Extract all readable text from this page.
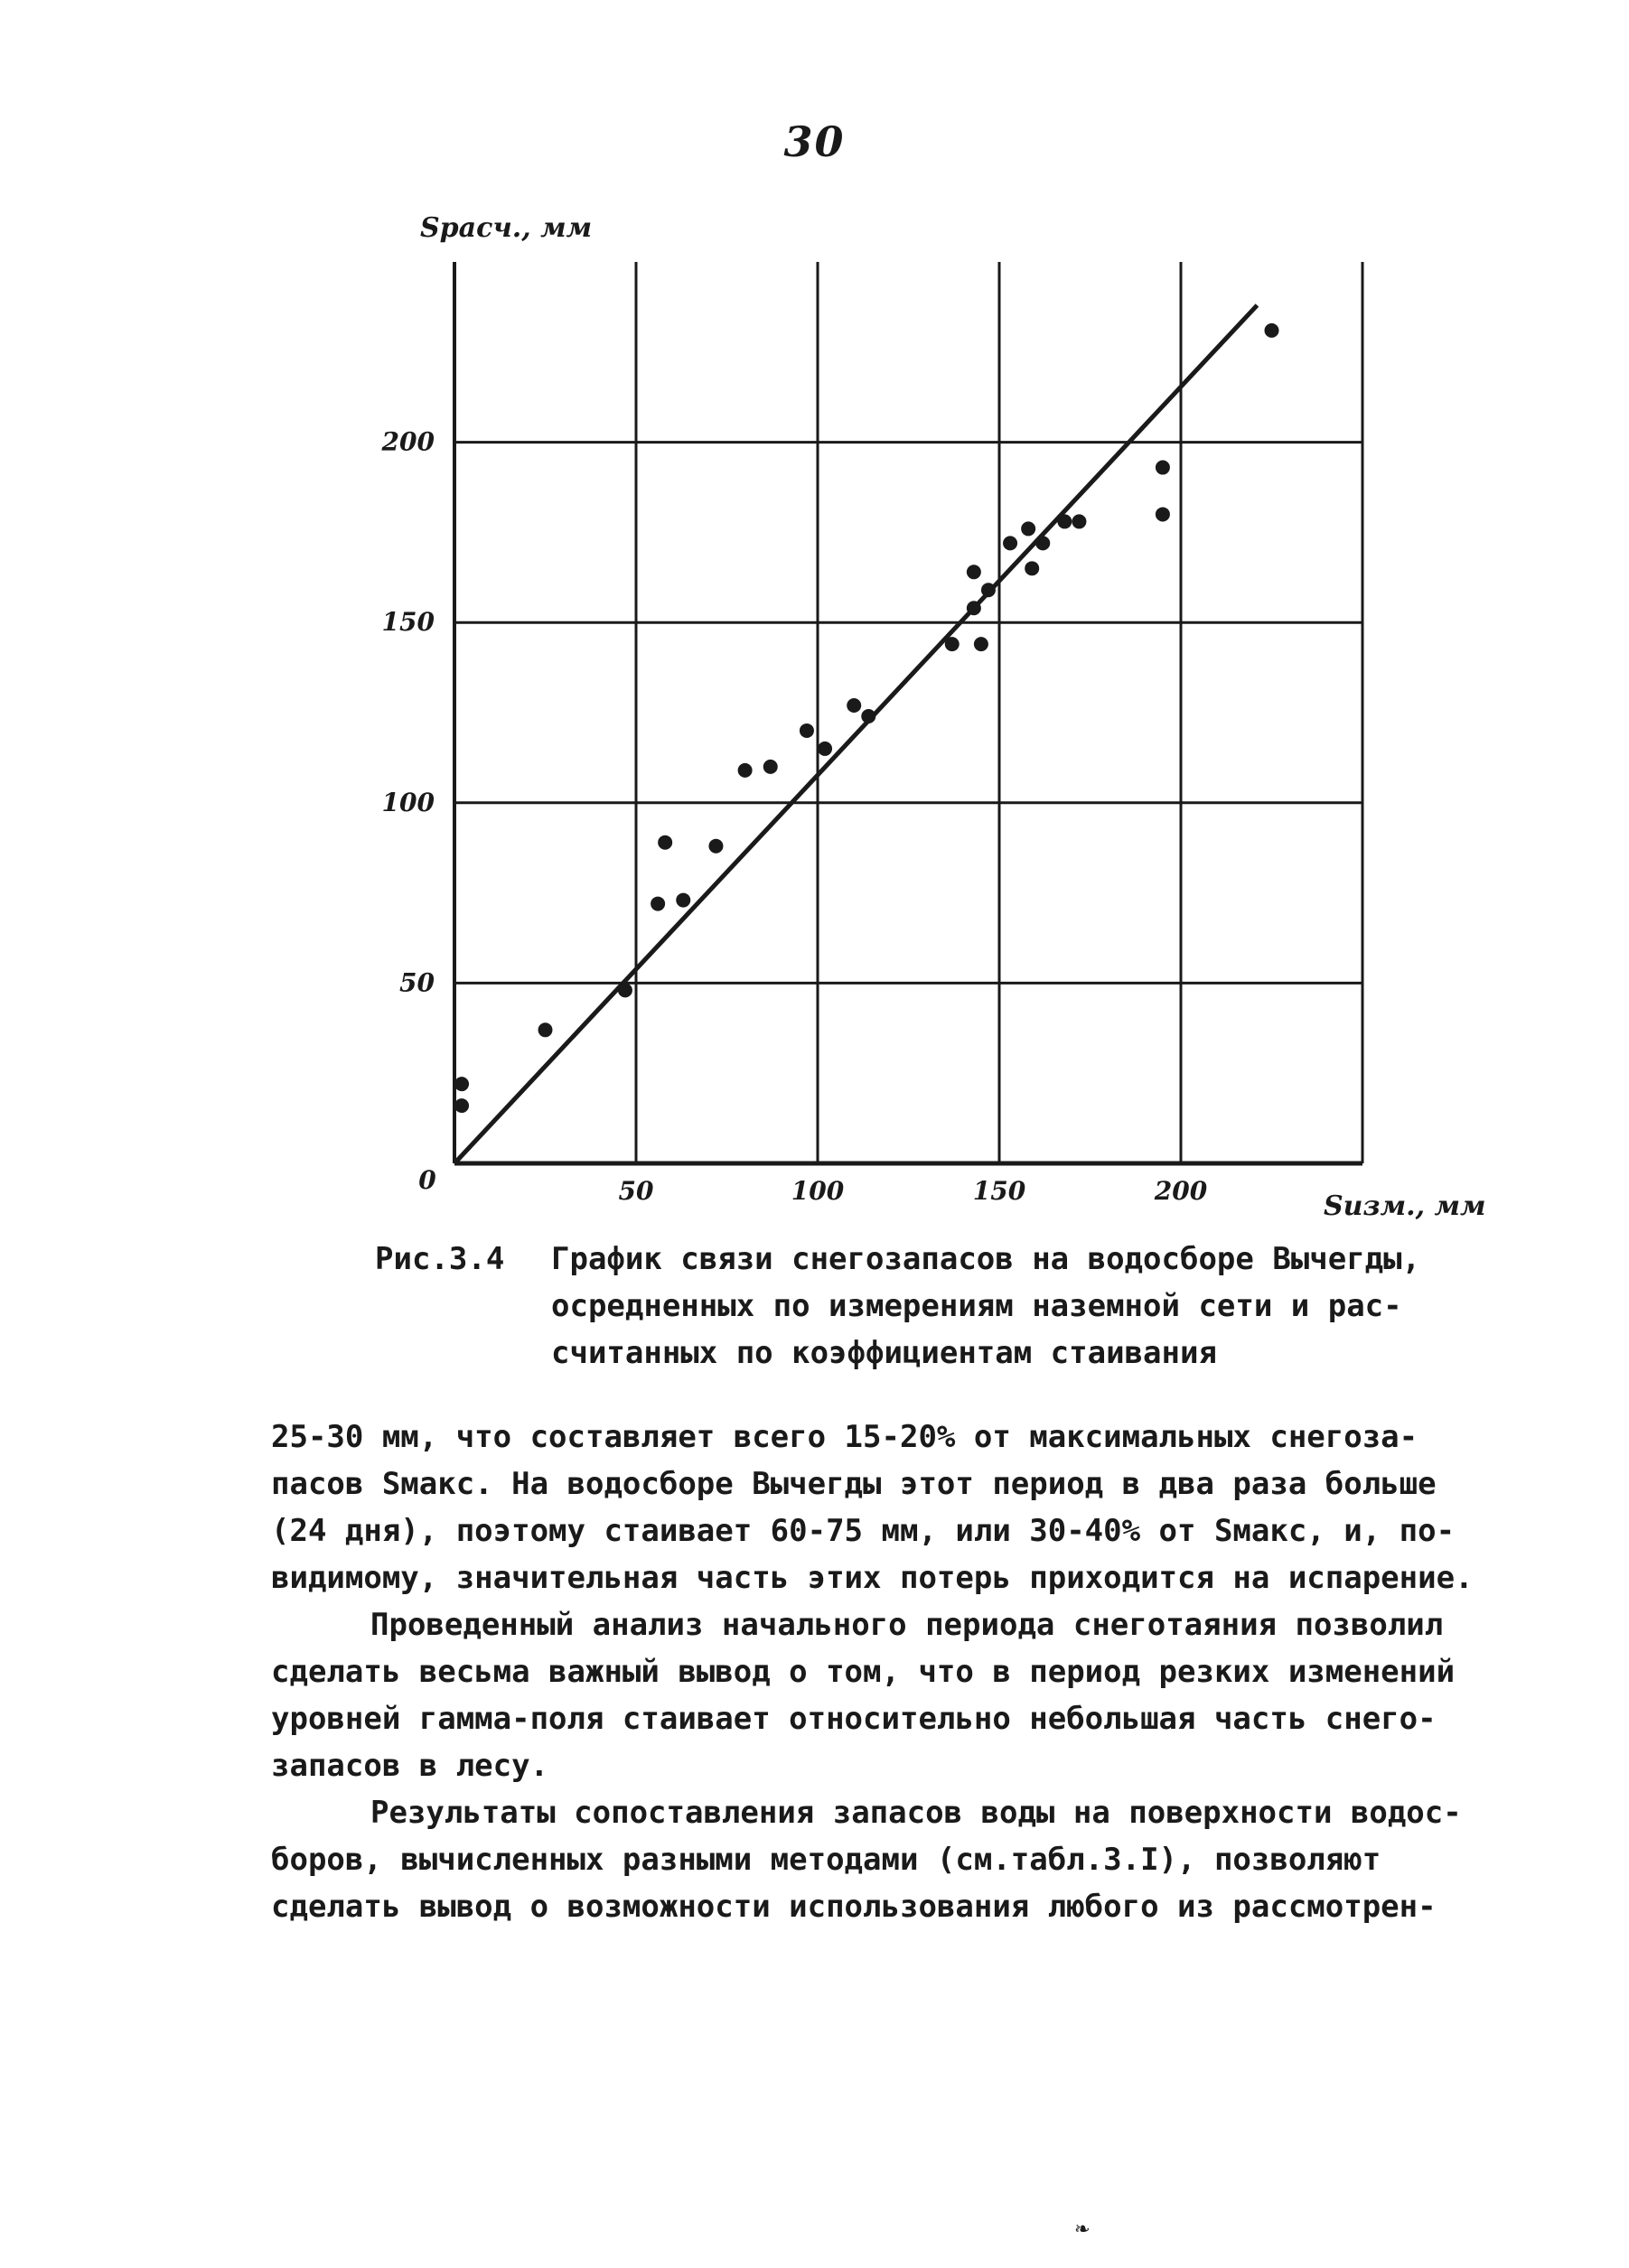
30
0	50	100	150	200
50
100
150
200
Sрасч., мм
Sизм., мм
Рис.3.4 График связи снегозапасов на водосборе Вычегды,
осредненных по измерениям наземной сети и рас-
считанных по коэффициентам стаивания
25-30 мм, что составляет всего 15-20% от максимальных снегоза-
пасов Sмакс. На водосборе Вычегды этот период в два раза больше
(24 дня), поэтому стаивает 60-75 мм, или 30-40% от Sмакс, и, по-
видимому, значительная часть этих потерь приходится на испарение.
Проведенный анализ начального периода снеготаяния позволил
сделать весьма важный вывод о том, что в период резких изменений
уровней гамма-поля стаивает относительно небольшая часть снего-
запасов в лесу.
Результаты сопоставления запасов воды на поверхности водос-
боров, вычисленных разными методами (см.табл.3.I), позволяют
сделать вывод о возможности использования любого из рассмотрен-
❧
